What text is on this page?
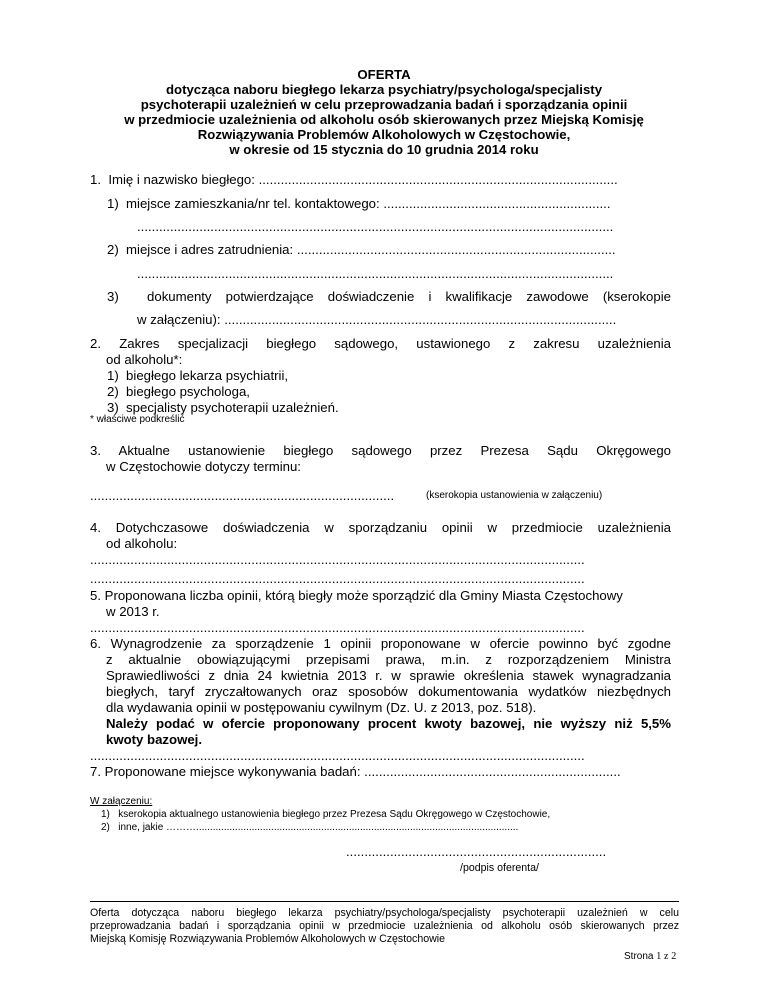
OFERTA
dotycząca naboru biegłego lekarza psychiatry/psychologa/specjalisty
psychoterapii uzależnień w celu przeprowadzania badań i sporządzania opinii
w przedmiocie uzależnienia od alkoholu osób skierowanych przez Miejską Komisję
Rozwiązywania Problemów Alkoholowych w Częstochowie,
w okresie od 15 stycznia do 10 grudnia 2014 roku
1.  Imię i nazwisko biegłego: ..................................................................................................
1)  miejsce zamieszkania/nr tel. kontaktowego: ..............................................................
..................................................................................................................................
2)  miejsce i adres zatrudnienia: .......................................................................................
..................................................................................................................................
3)  dokumenty potwierdzające doświadczenie i kwalifikacje zawodowe (kserokopie
w załączeniu): ...........................................................................................................
2. Zakres specjalizacji biegłego sądowego, ustawionego z zakresu uzależnienia
od alkoholu*:
1)  biegłego lekarza psychiatrii,
2)  biegłego psychologa,
3)  specjalisty psychoterapii uzależnień.
* właściwe podkreślić
3. Aktualne ustanowienie biegłego sądowego przez Prezesa Sądu Okręgowego
w Częstochowie dotyczy terminu:
...................................................................................	(kserokopia ustanowienia w załączeniu)
4. Dotychczasowe doświadczenia w sporządzaniu opinii w przedmiocie uzależnienia
od alkoholu:
.......................................................................................................................................
.......................................................................................................................................
5. Proponowana liczba opinii, którą biegły może sporządzić dla Gminy Miasta Częstochowy
w 2013 r.
.......................................................................................................................................
6. Wynagrodzenie za sporządzenie 1 opinii proponowane w ofercie powinno być zgodne
z aktualnie obowiązującymi przepisami prawa, m.in. z rozporządzeniem Ministra
Sprawiedliwości z dnia 24 kwietnia 2013 r. w sprawie określenia stawek wynagradzania
biegłych, taryf zryczałtowanych oraz sposobów dokumentowania wydatków niezbędnych
dla wydawania opinii w postępowaniu cywilnym (Dz. U. z 2013, poz. 518).
Należy podać w ofercie proponowany procent kwoty bazowej, nie wyższy niż 5,5%
kwoty bazowej.
.......................................................................................................................................
7. Proponowane miejsce wykonywania badań: ......................................................................
W załączeniu:
1)   kserokopia aktualnego ustanowienia biegłego przez Prezesa Sądu Okręgowego w Częstochowie,
2)   inne, jakie ………....................................................................................................................
.......................................................................
/podpis oferenta/
Oferta dotycząca naboru biegłego lekarza psychiatry/psychologa/specjalisty psychoterapii uzależnień w celu
przeprowadzania badań i sporządzania opinii w przedmiocie uzależnienia od alkoholu osób skierowanych przez
Miejską Komisję Rozwiązywania Problemów Alkoholowych w Częstochowie
Strona 1 z 2
